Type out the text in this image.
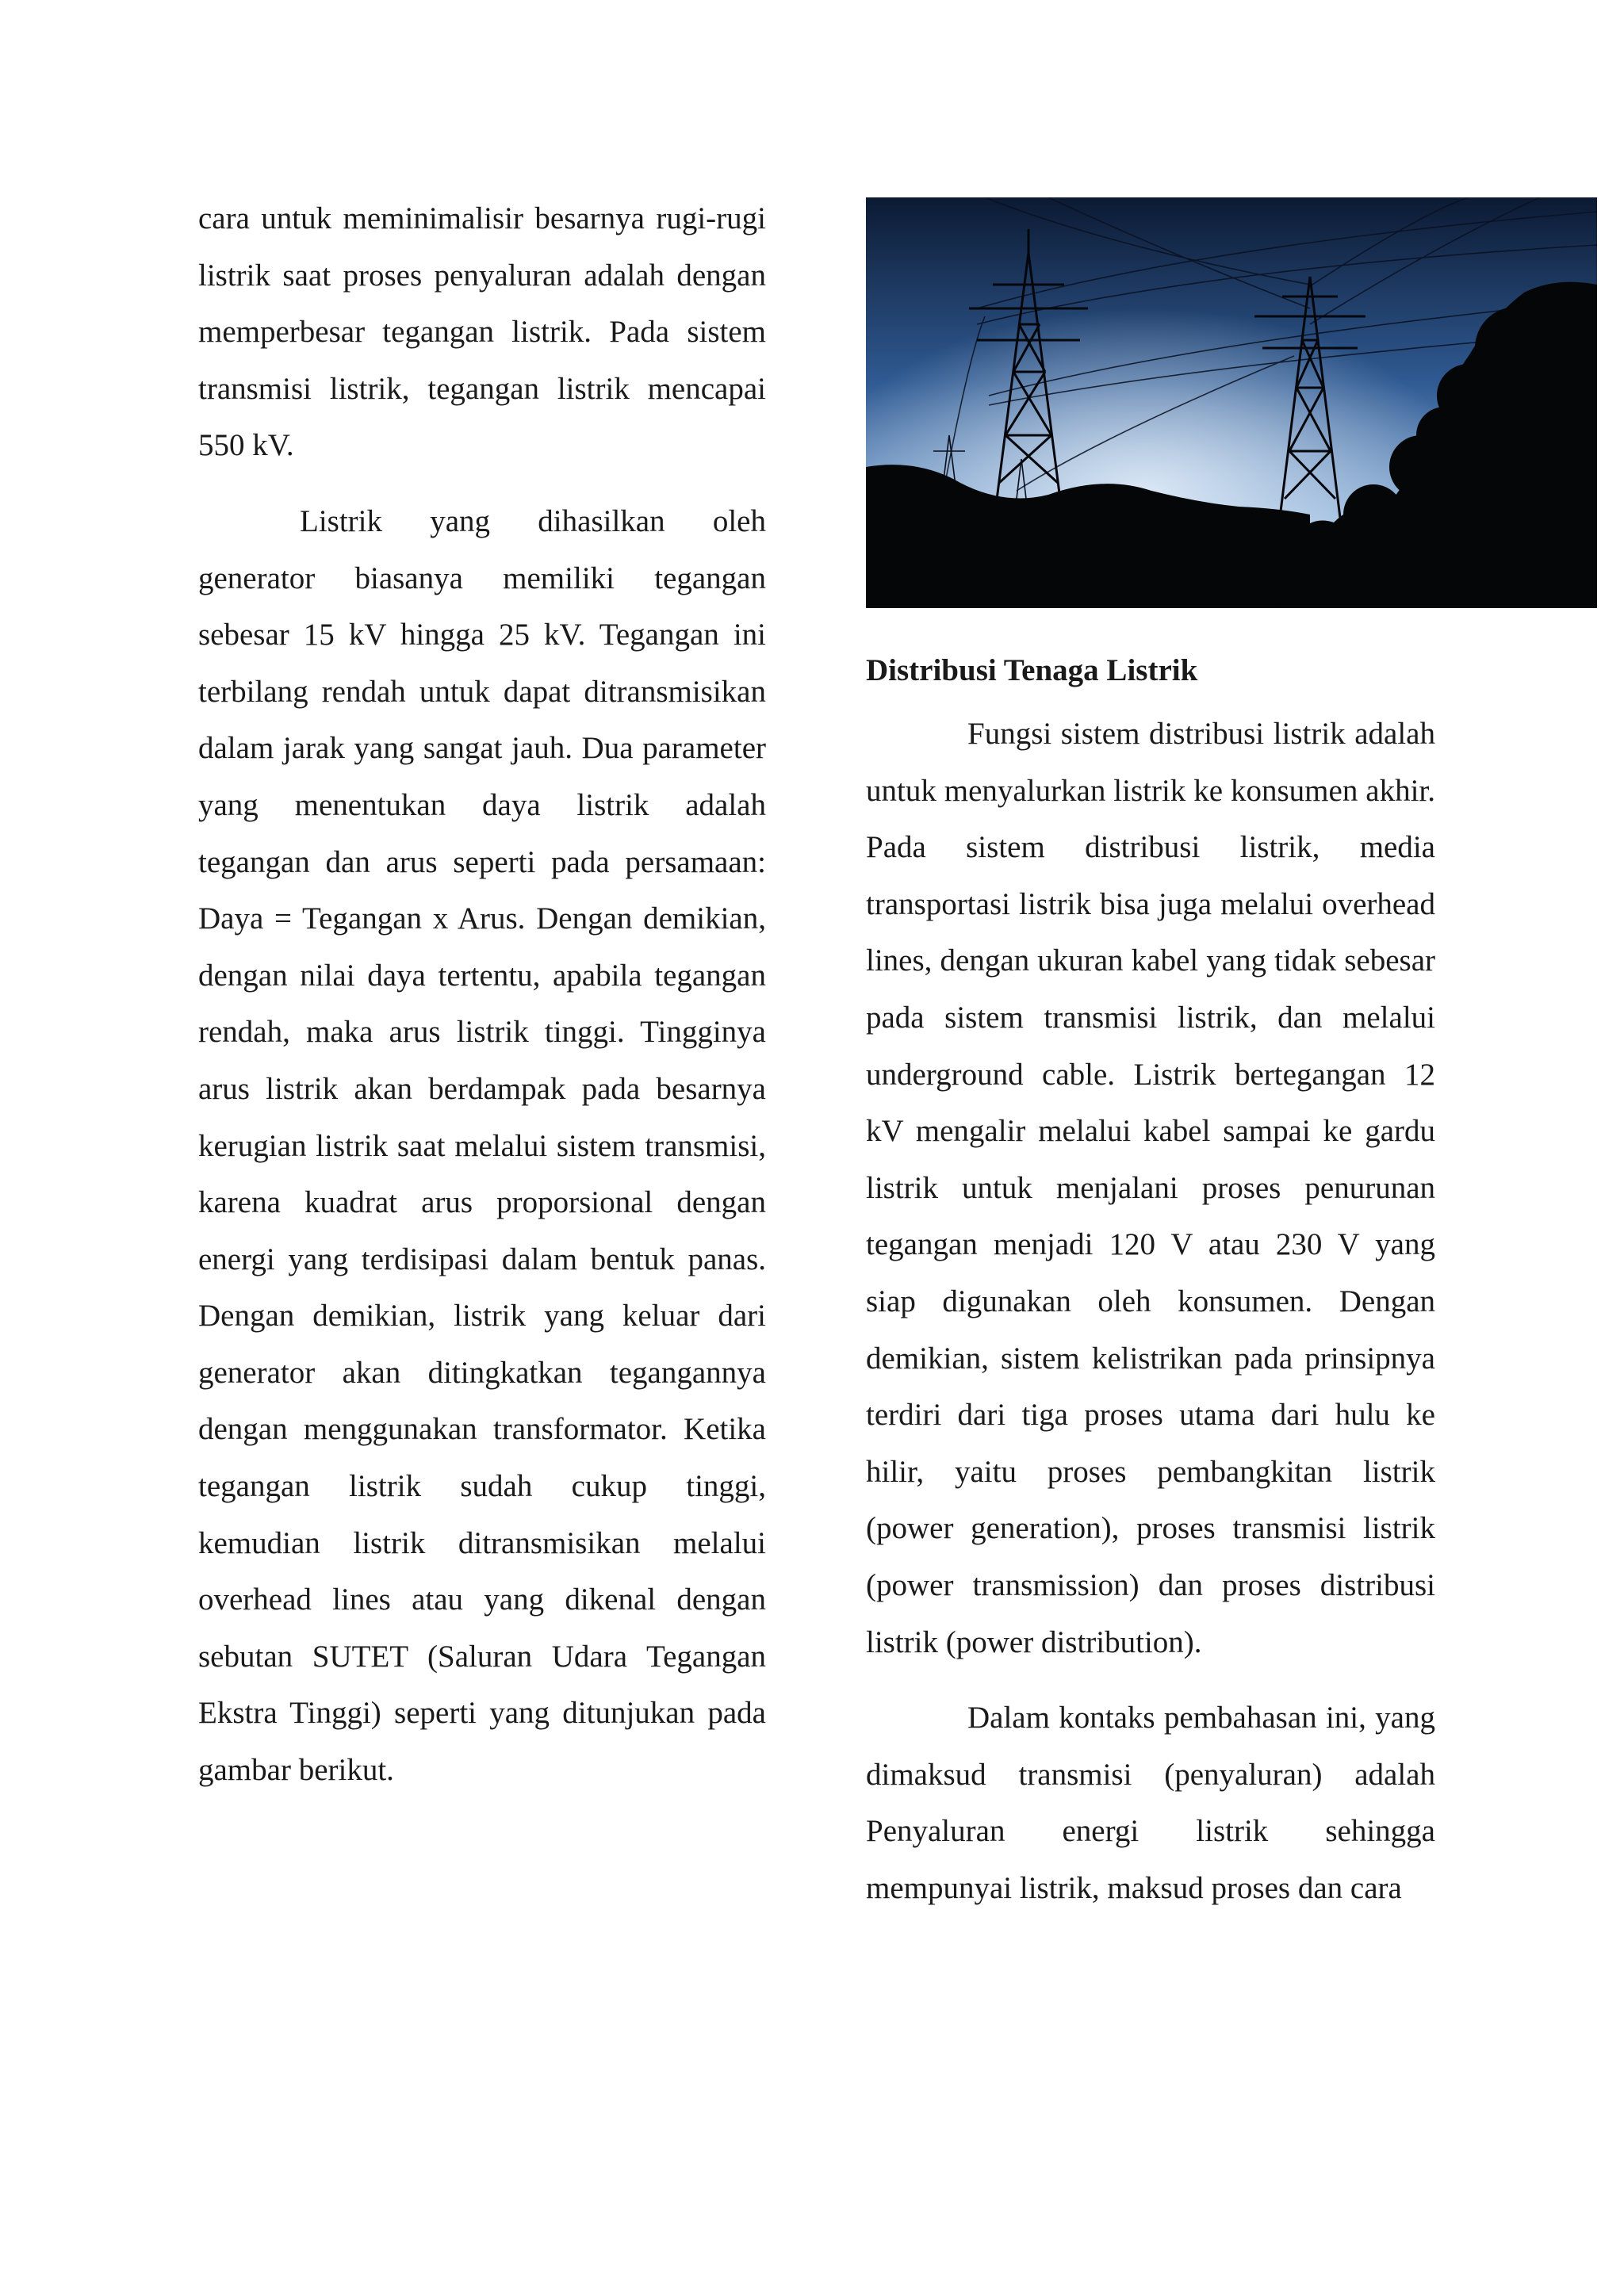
cara untuk meminimalisir besarnya rugi-rugi listrik saat proses penyaluran adalah dengan memperbesar tegangan listrik. Pada sistem transmisi listrik, tegangan listrik mencapai 550 kV.

Listrik yang dihasilkan oleh generator biasanya memiliki tegangan sebesar 15 kV hingga 25 kV. Tegangan ini terbilang rendah untuk dapat ditransmisikan dalam jarak yang sangat jauh. Dua parameter yang menentukan daya listrik adalah tegangan dan arus seperti pada persamaan: Daya = Tegangan x Arus. Dengan demikian, dengan nilai daya tertentu, apabila tegangan rendah, maka arus listrik tinggi. Tingginya arus listrik akan berdampak pada besarnya kerugian listrik saat melalui sistem transmisi, karena kuadrat arus proporsional dengan energi yang terdisipasi dalam bentuk panas. Dengan demikian, listrik yang keluar dari generator akan ditingkatkan tegangannya dengan menggunakan transformator. Ketika tegangan listrik sudah cukup tinggi, kemudian listrik ditransmisikan melalui overhead lines atau yang dikenal dengan sebutan SUTET (Saluran Udara Tegangan Ekstra Tinggi) seperti yang ditunjukan pada gambar berikut.

Distribusi Tenaga Listrik

Fungsi sistem distribusi listrik adalah untuk menyalurkan listrik ke konsumen akhir. Pada sistem distribusi listrik, media transportasi listrik bisa juga melalui overhead lines, dengan ukuran kabel yang tidak sebesar pada sistem transmisi listrik, dan melalui underground cable. Listrik bertegangan 12 kV mengalir melalui kabel sampai ke gardu listrik untuk menjalani proses penurunan tegangan menjadi 120 V atau 230 V yang siap digunakan oleh konsumen. Dengan demikian, sistem kelistrikan pada prinsipnya terdiri dari tiga proses utama dari hulu ke hilir, yaitu proses pembangkitan listrik (power generation), proses transmisi listrik (power transmission) dan proses distribusi listrik (power distribution).

Dalam kontaks pembahasan ini, yang dimaksud transmisi (penyaluran) adalah Penyaluran energi listrik sehingga mempunyai listrik, maksud proses dan cara
